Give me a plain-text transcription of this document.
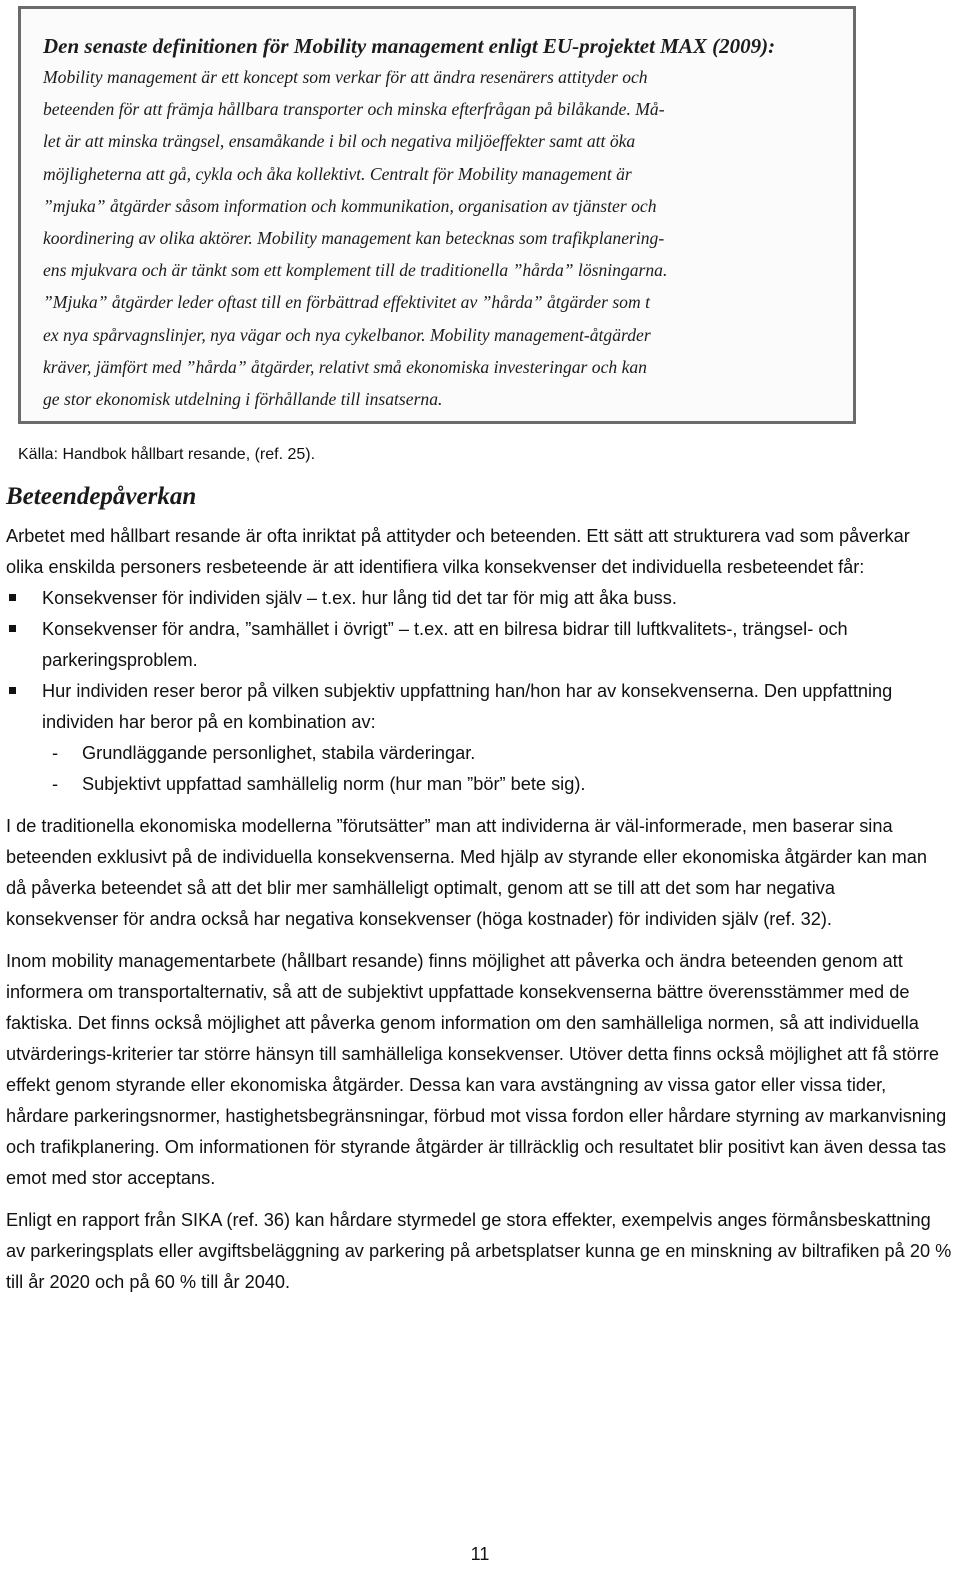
Den senaste definitionen för Mobility management enligt EU-projektet MAX (2009):

Mobility management är ett koncept som verkar för att ändra resenärers attityder och

beteenden för att främja hållbara transporter och minska efterfrågan på bilåkande. Må-

let är att minska trängsel, ensamåkande i bil och negativa miljöeffekter samt att öka

möjligheterna att gå, cykla och åka kollektivt. Centralt för Mobility management är

”mjuka” åtgärder såsom information och kommunikation, organisation av tjänster och

koordinering av olika aktörer. Mobility management kan betecknas som trafikplanering-

ens mjukvara och är tänkt som ett komplement till de traditionella ”hårda” lösningarna.

”Mjuka” åtgärder leder oftast till en förbättrad effektivitet av ”hårda” åtgärder som t

ex nya spårvagnslinjer, nya vägar och nya cykelbanor. Mobility management-åtgärder

kräver, jämfört med ”hårda” åtgärder, relativt små ekonomiska investeringar och kan

ge stor ekonomisk utdelning i förhållande till insatserna.

Källa: Handbok hållbart resande, (ref. 25).
Beteendepåverkan

Arbetet med hållbart resande är ofta inriktat på attityder och beteenden. Ett sätt att strukturera vad som påverkar olika enskilda personers resbeteende är att identifiera vilka konsekvenser det individuella resbeteendet får:

Konsekvenser för individen själv – t.ex. hur lång tid det tar för mig att åka buss.
Konsekvenser för andra, ”samhället i övrigt” – t.ex. att en bilresa bidrar till luftkvalitets-, trängsel- och parkeringsproblem.
Hur individen reser beror på vilken subjektiv uppfattning han/hon har av konsekvenserna. Den uppfattning individen har beror på en kombination av:
- Grundläggande personlighet, stabila värderingar.
- Subjektivt uppfattad samhällelig norm (hur man ”bör” bete sig).

I de traditionella ekonomiska modellerna ”förutsätter” man att individerna är väl-informerade, men baserar sina beteenden exklusivt på de individuella konsekvenserna. Med hjälp av styrande eller ekonomiska åtgärder kan man då påverka beteendet så att det blir mer samhälleligt optimalt, genom att se till att det som har negativa konsekvenser för andra också har negativa konsekvenser (höga kostnader) för individen själv (ref. 32).

Inom mobility managementarbete (hållbart resande) finns möjlighet att påverka och ändra beteenden genom att informera om transportalternativ, så att de subjektivt uppfattade konsekvenserna bättre överensstämmer med de faktiska. Det finns också möjlighet att påverka genom information om den samhälleliga normen, så att individuella utvärderings-kriterier tar större hänsyn till samhälleliga konsekvenser. Utöver detta finns också möjlighet att få större effekt genom styrande eller ekonomiska åtgärder. Dessa kan vara avstängning av vissa gator eller vissa tider, hårdare parkeringsnormer, hastighetsbegränsningar, förbud mot vissa fordon eller hårdare styrning av markanvisning och trafikplanering. Om informationen för styrande åtgärder är tillräcklig och resultatet blir positivt kan även dessa tas emot med stor acceptans.

Enligt en rapport från SIKA (ref. 36) kan hårdare styrmedel ge stora effekter, exempelvis anges förmånsbeskattning av parkeringsplats eller avgiftsbeläggning av parkering på arbetsplatser kunna ge en minskning av biltrafiken på 20 % till år 2020 och på 60 % till år 2040.

11
